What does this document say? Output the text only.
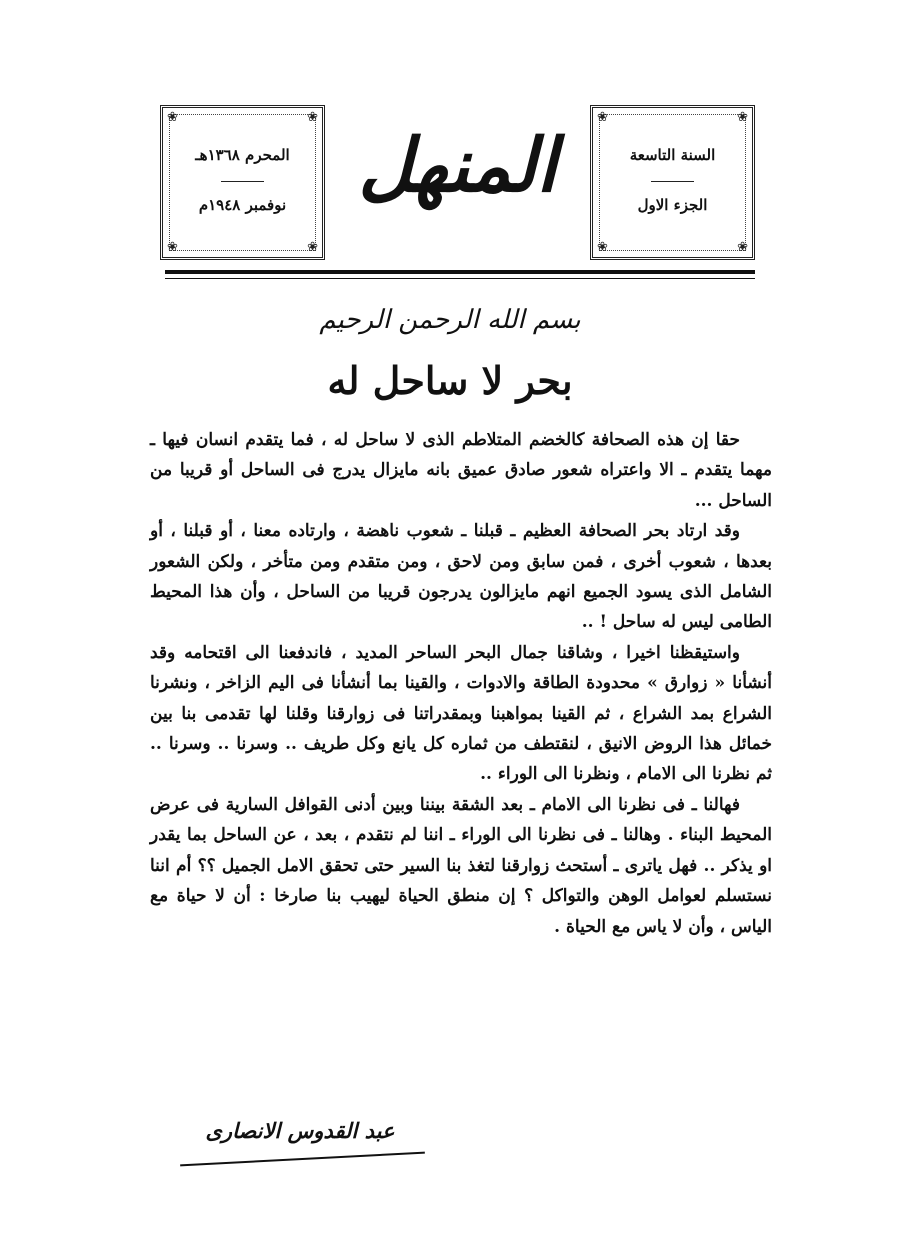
❀	❀
❀	❀
المحرم ١٣٦٨هـ
نوفمبر ١٩٤٨م المنهل
❀	❀
❀	❀
السنة التاسعة
الجزء الاول
بسم الله الرحمن الرحيم
بحر لا ساحل له

حقا إن هذه الصحافة كالخضم المتلاطم الذى لا ساحل له ، فما يتقدم انسان فيها ـ مهما يتقدم ـ الا واعتراه شعور صادق عميق بانه مايزال يدرج فى الساحل أو قريبا من الساحل ...

وقد ارتاد بحر الصحافة العظيم ـ قبلنا ـ شعوب ناهضة ، وارتاده معنا ، أو قبلنا ، أو بعدها ، شعوب أخرى ، فمن سابق ومن لاحق ، ومن متقدم ومن متأخر ، ولكن الشعور الشامل الذى يسود الجميع انهم مايزالون يدرجون قريبا من الساحل ، وأن هذا المحيط الطامى ليس له ساحل ! ..

واستيقظنا اخيرا ، وشاقنا جمال البحر الساحر المديد ، فاندفعنا الى اقتحامه وقد أنشأنا « زوارق » محدودة الطاقة والادوات ، والقينا بما أنشأنا فى اليم الزاخر ، ونشرنا الشراع بمد الشراع ، ثم القينا بمواهبنا وبمقدراتنا فى زوارقنا وقلنا لها تقدمى بنا بين خمائل هذا الروض الانيق ، لنقتطف من ثماره كل يانع وكل طريف .. وسرنا .. وسرنا .. ثم نظرنا الى الامام ، ونظرنا الى الوراء ..

فهالنا ـ فى نظرنا الى الامام ـ بعد الشقة بيننا وبين أدنى القوافل السارية فى عرض المحيط البناء . وهالنا ـ فى نظرنا الى الوراء ـ اننا لم نتقدم ، بعد ، عن الساحل بما يقدر او يذكر .. فهل ياترى ـ أستحث زوارقنا لتغذ بنا السير حتى تحقق الامل الجميل ؟؟ أم اننا نستسلم لعوامل الوهن والتواكل ؟ إن منطق الحياة ليهيب بنا صارخا : أن لا حياة مع الياس ، وأن لا ياس مع الحياة .

عبد القدوس الانصارى
